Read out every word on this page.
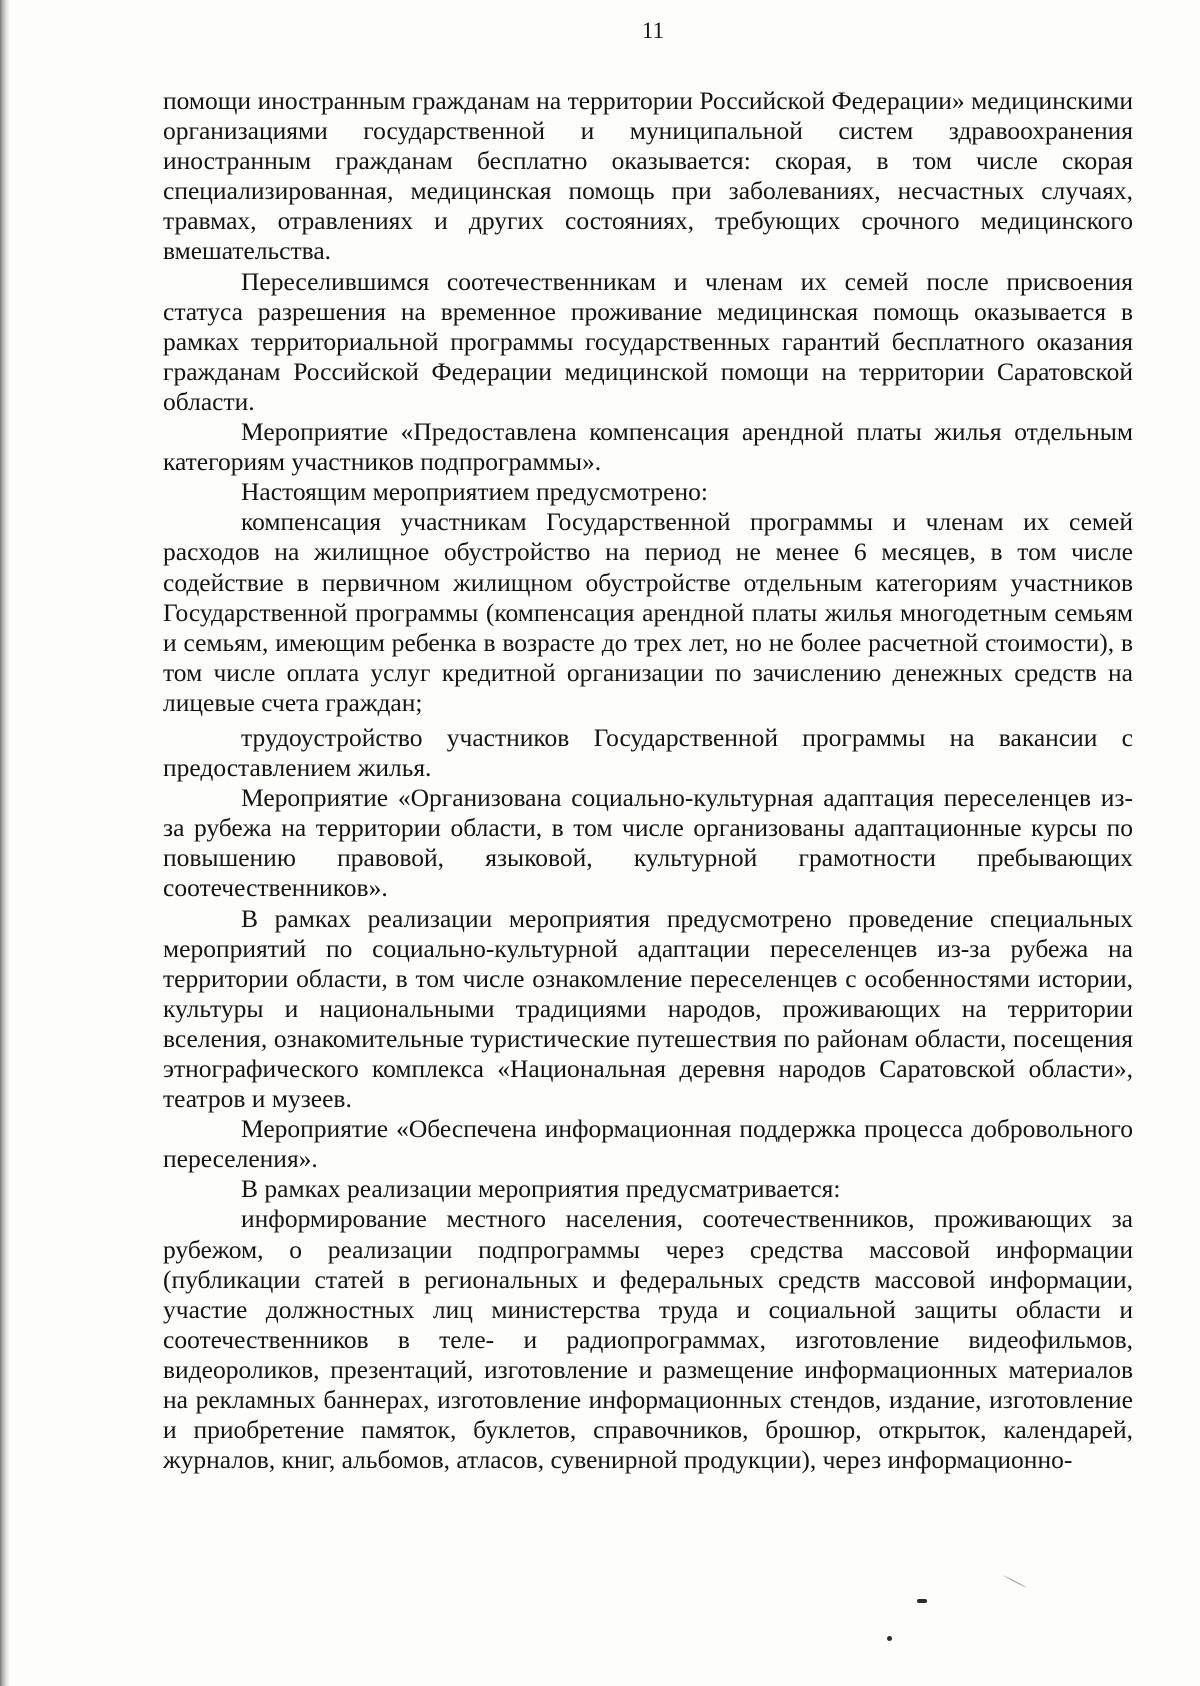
11

помощи иностранным гражданам на территории Российской Федерации» медицинскими организациями государственной и муниципальной систем здравоохранения иностранным гражданам бесплатно оказывается: скорая, в том числе скорая специализированная, медицинская помощь при заболеваниях, несчастных случаях, травмах, отравлениях и других состояниях, требующих срочного медицинского вмешательства.

Переселившимся соотечественникам и членам их семей после присвоения статуса разрешения на временное проживание медицинская помощь оказывается в рамках территориальной программы государственных гарантий бесплатного оказания гражданам Российской Федерации медицинской помощи на территории Саратовской области.

Мероприятие «Предоставлена компенсация арендной платы жилья отдельным категориям участников подпрограммы».

Настоящим мероприятием предусмотрено:

компенсация участникам Государственной программы и членам их семей расходов на жилищное обустройство на период не менее 6 месяцев, в том числе содействие в первичном жилищном обустройстве отдельным категориям участников Государственной программы (компенсация арендной платы жилья многодетным семьям и семьям, имеющим ребенка в возрасте до трех лет, но не более расчетной стоимости), в том числе оплата услуг кредитной организации по зачислению денежных средств на лицевые счета граждан;

трудоустройство участников Государственной программы на вакансии с предоставлением жилья.

Мероприятие «Организована социально-культурная адаптация переселенцев из-за рубежа на территории области, в том числе организованы адаптационные курсы по повышению правовой, языковой, культурной грамотности пребывающих соотечественников».

В рамках реализации мероприятия предусмотрено проведение специальных мероприятий по социально-культурной адаптации переселенцев из-за рубежа на территории области, в том числе ознакомление переселенцев с особенностями истории, культуры и национальными традициями народов, проживающих на территории вселения, ознакомительные туристические путешествия по районам области, посещения этнографического комплекса «Национальная деревня народов Саратовской области», театров и музеев.

Мероприятие «Обеспечена информационная поддержка процесса добровольного переселения».

В рамках реализации мероприятия предусматривается:

информирование местного населения, соотечественников, проживающих за рубежом, о реализации подпрограммы через средства массовой информации (публикации статей в региональных и федеральных средств массовой информации, участие должностных лиц министерства труда и социальной защиты области и соотечественников в теле- и радиопрограммах, изготовление видеофильмов, видеороликов, презентаций, изготовление и размещение информационных материалов на рекламных баннерах, изготовление информационных стендов, издание, изготовление и приобретение памяток, буклетов, справочников, брошюр, открыток, календарей, журналов, книг, альбомов, атласов, сувенирной продукции), через информационно-
